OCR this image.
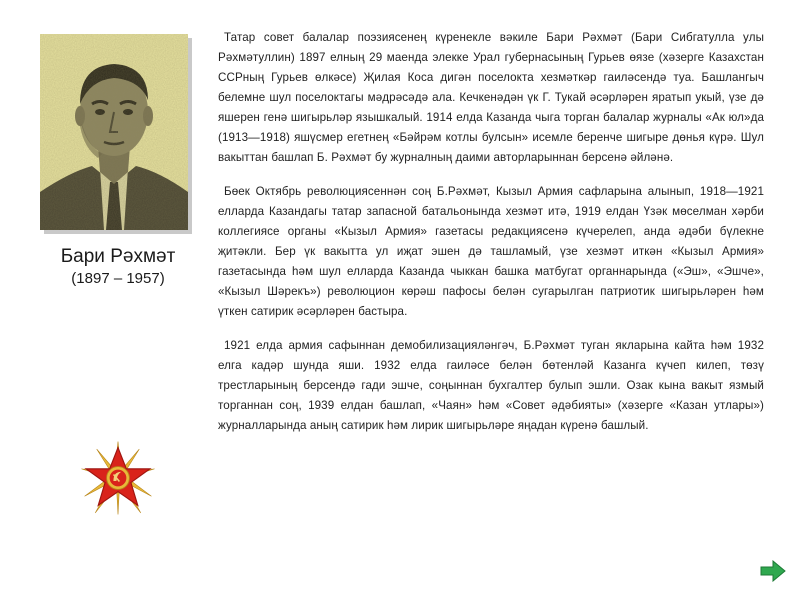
Бари Рәхмәт
(1897 – 1957)

Татар совет балалар поэзиясенең күренекле вәкиле Бари Рәхмәт (Бари Сибгатулла улы Рәхмәтуллин) 1897 елның 29 маенда элекке Урал губернасының Гурьев өязе (хәзерге Казахстан ССРның Гурьев өлкәсе) Җилая Коса дигән поселокта хезмәткәр гаиләсендә туа. Башлангыч белемне шул поселоктагы мәдрәсәдә ала. Кечкенәдән үк Г. Тукай әсәрләрен яратып укый, үзе дә яшерен генә шигырьләр язышкалый. 1914 елда Казанда чыга торган балалар журналы «Ак юл»да (1913—1918) яшүсмер егетнең «Бәйрәм котлы булсын» исемле беренче шигыре дөнья күрә. Шул вакыттан башлап Б. Рәхмәт бу журналның даими авторларыннан берсенә әйләнә.

Бөек Октябрь революциясеннән соң Б.Рәхмәт, Кызыл Армия сафларына алынып, 1918—1921 елларда Казандагы татар запасной батальонында хезмәт итә, 1919 елдан Үзәк мөселман хәрби коллегиясе органы «Кызыл Армия» газетасы редакциясенә күчерелеп, анда әдәби бүлекне җитәкли. Бер үк вакытта ул иҗат эшен дә ташламый, үзе хезмәт иткән «Кызыл Армия» газетасында һәм шул елларда Казанда чыккан башка матбугат органнарында («Эш», «Эшче», «Кызыл Шәрекъ») революцион көрәш пафосы белән сугарылган патриотик шигырьләрен һәм үткен сатирик әсәрләрен бастыра.

1921 елда армия сафыннан демобилизацияләнгәч, Б.Рәхмәт туган якларына кайта һәм 1932 елга кадәр шунда яши. 1932 елда гаиләсе белән бөтенләй Казанга күчеп килеп, төзү трестларының берсендә гади эшче, соңыннан бухгалтер булып эшли. Озак кына вакыт язмый торганнан соң, 1939 елдан башлап, «Чаян» һәм «Совет әдәбияты» (хәзерге «Казан утлары») журналларында аның сатирик һәм лирик шигырьләре яңадан күренә башлый.
